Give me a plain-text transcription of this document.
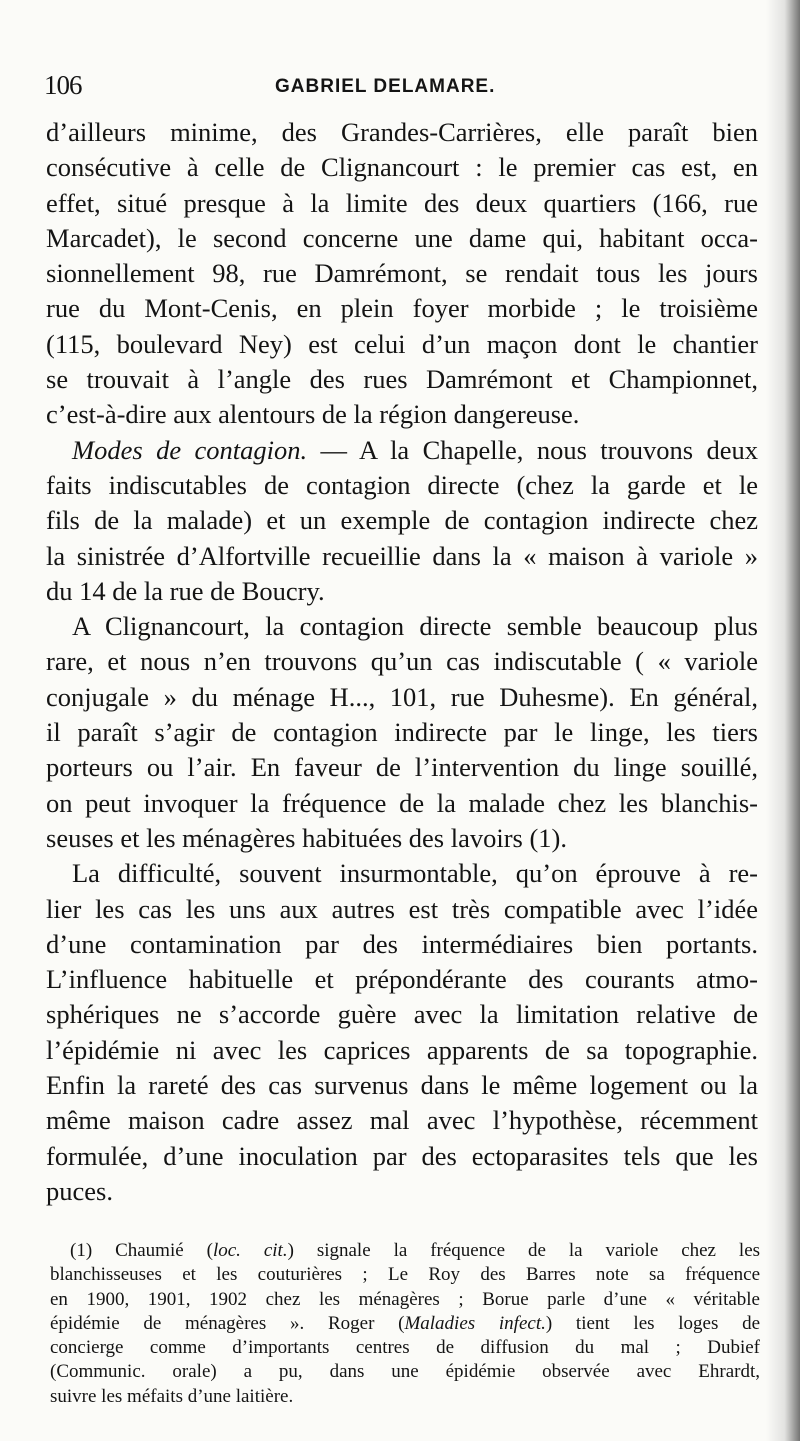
106	GABRIEL DELAMARE.
d’ailleurs minime, des Grandes-Carrières, elle paraît bien
consécutive à celle de Clignancourt : le premier cas est, en
effet, situé presque à la limite des deux quartiers (166, rue
Marcadet), le second concerne une dame qui, habitant occa-
sionnellement 98, rue Damrémont, se rendait tous les jours
rue du Mont-Cenis, en plein foyer morbide ; le troisième
(115, boulevard Ney) est celui d’un maçon dont le chantier
se trouvait à l’angle des rues Damrémont et Championnet,
c’est-à-dire aux alentours de la région dangereuse.
Modes de contagion. — A la Chapelle, nous trouvons deux
faits indiscutables de contagion directe (chez la garde et le
fils de la malade) et un exemple de contagion indirecte chez
la sinistrée d’Alfortville recueillie dans la « maison à variole »
du 14 de la rue de Boucry.
A Clignancourt, la contagion directe semble beaucoup plus
rare, et nous n’en trouvons qu’un cas indiscutable ( « variole
conjugale » du ménage H..., 101, rue Duhesme). En général,
il paraît s’agir de contagion indirecte par le linge, les tiers
porteurs ou l’air. En faveur de l’intervention du linge souillé,
on peut invoquer la fréquence de la malade chez les blanchis-
seuses et les ménagères habituées des lavoirs (1).
La difficulté, souvent insurmontable, qu’on éprouve à re-
lier les cas les uns aux autres est très compatible avec l’idée
d’une contamination par des intermédiaires bien portants.
L’influence habituelle et prépondérante des courants atmo-
sphériques ne s’accorde guère avec la limitation relative de
l’épidémie ni avec les caprices apparents de sa topographie.
Enfin la rareté des cas survenus dans le même logement ou la
même maison cadre assez mal avec l’hypothèse, récemment
formulée, d’une inoculation par des ectoparasites tels que les
puces.
(1) Chaumié (loc. cit.) signale la fréquence de la variole chez les
blanchisseuses et les couturières ; Le Roy des Barres note sa fréquence
en 1900, 1901, 1902 chez les ménagères ; Borue parle d’une « véritable
épidémie de ménagères ». Roger (Maladies infect.) tient les loges de
concierge comme d’importants centres de diffusion du mal ; Dubief
(Communic. orale) a pu, dans une épidémie observée avec Ehrardt,
suivre les méfaits d’une laitière.
